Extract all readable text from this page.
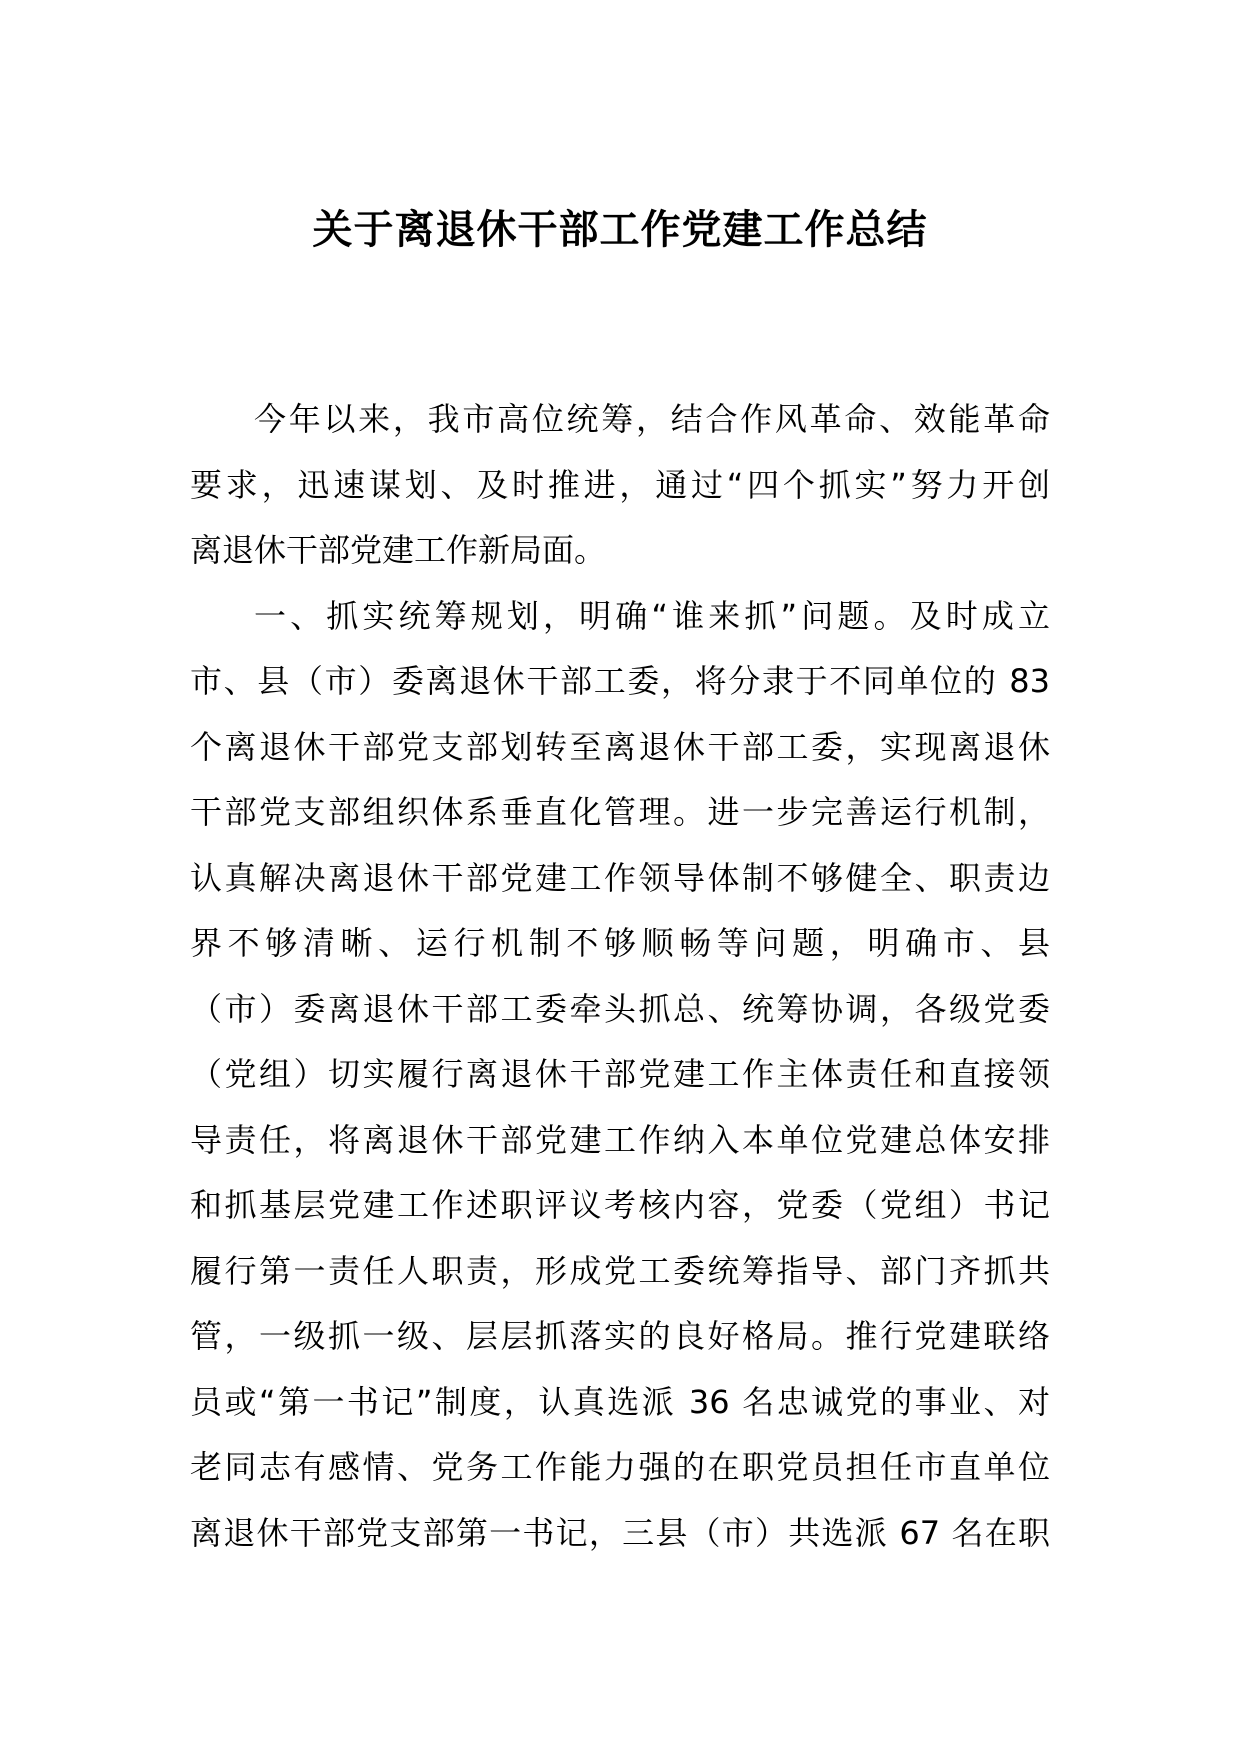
关于离退休干部工作党建工作总结
今年以来，我市高位统筹，结合作风革命、效能革命
要求，迅速谋划、及时推进，通过“四个抓实”努力开创
离退休干部党建工作新局面。
一、抓实统筹规划，明确“谁来抓”问题。及时成立
市、县（市）委离退休干部工委，将分隶于不同单位的 83
个离退休干部党支部划转至离退休干部工委，实现离退休
干部党支部组织体系垂直化管理。进一步完善运行机制，
认真解决离退休干部党建工作领导体制不够健全、职责边
界不够清晰、运行机制不够顺畅等问题，明确市、县
（市）委离退休干部工委牵头抓总、统筹协调，各级党委
（党组）切实履行离退休干部党建工作主体责任和直接领
导责任，将离退休干部党建工作纳入本单位党建总体安排
和抓基层党建工作述职评议考核内容，党委（党组）书记
履行第一责任人职责，形成党工委统筹指导、部门齐抓共
管，一级抓一级、层层抓落实的良好格局。推行党建联络
员或“第一书记”制度，认真选派 36 名忠诚党的事业、对
老同志有感情、党务工作能力强的在职党员担任市直单位
离退休干部党支部第一书记，三县（市）共选派 67 名在职
